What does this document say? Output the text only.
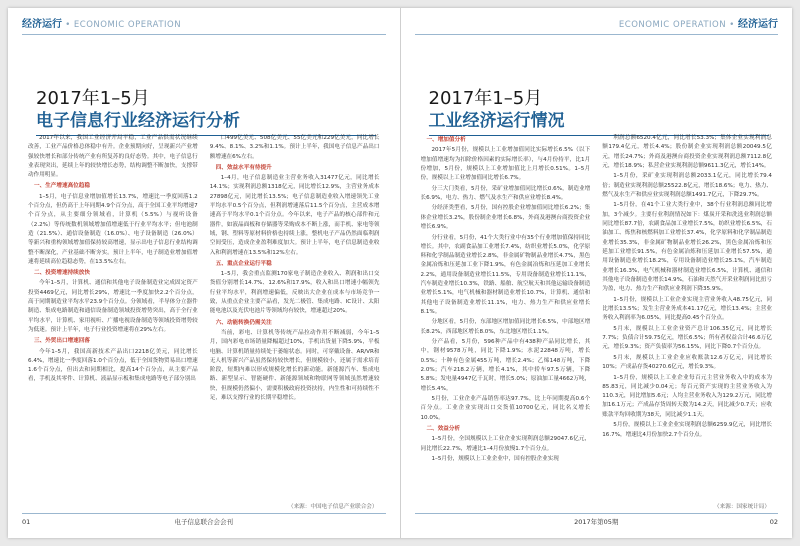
经济运行 • ECONOMIC OPERATION
2017年1–5月
电子信息行业经济运行分析

2017年以来，我国工业经济开局平稳，工业产品供需状况继续改善，工业产品价格总体稳中有升。企业预期向好，呈现新兴产业增强较快增长和部分传统产业有所复苏的良好态势。其中，电子信息行业表现突出，延续上年的较快增长态势，结构调整不断加快，支撑带动作用明显。

一、生产增速高位趋稳

1–5月，电子信息业增加值增长13.7%，增速比一季度回落1.2个百分点，但仍高于上年同期4.9个百分点，高于全国工业平均增速7个百分点，从主要细分领域看，计算机（5.5%）与视听设备（2.2%）等传统数机领域增加值增速低于行业平均水平；但电池制造（21.5%）、通信设备制造（16.0%）、电子设备制造（26.0%）等新兴和重构领域增加值保持较高增速，显示出电子信息行业结构调整不断深化，产业基础不断夯实。预计上半年，电子制造业增加值增速将延续高位趋稳态势，在13.5%左右。

二、投资增速持续放快

今年1–5月，计算机、通信和其他电子设备制造业完成固定资产投资4469亿元，同比增长29%，增速比一季度加快2.2个百分点，高于同期制造业平均水平23.9个百分点。分领域看，半导体分立器件制造、集成电路制造和通信设备制造领域投资增势突出，高于全行业平均水平，计算机、家用视听、广播电视设备制造等领域投资增势较为低迷。预计上半年，电子行业投资增速将在29%左右。

三、外贸出口增速回落

今年1–5月，我国高新技术产品出口2218亿美元，同比增长6.4%，增速比一季度回落1.0个百分点，低于全国货物贸易出口增速1.6个百分点，但出去和同期相比，提高14个百分点，从主要产品看，手机及其零件、计算机、液晶显示板和集成电路等电子部分别出

口499亿美元、508亿美元、55亿美元和229亿美元，同比增长9.4%、8.1%、3.2%和1.1%。预计上半年，我国电子信息产品出口额增速在6%左右。

四、效益水平有待提升

1–4月，电子信息制造业主营业务收入31477亿元，同比增长14.1%；实现利润总额1318亿元，同比增长12.9%，主营业务成本27898亿元，同比增长13.5%；电子信息制造业收入增速领先工业平均水平0.5个百分点，但利润增速落后11.5个百分点，主营成本增速高于平均水平0.1个百分点。今年以来，电子产品的核心部件和元器件，如液晶面板和存储器等采购成本不断上涨，而手机、家电等领域，钢、塑料等原材料价格也持续上涨，整机电子产品仍然面临利润空间受压，造成企业盈利难度加大。预计上半年，电子信息制造业收入和利润增速在13.5%和12%左右。

五、重点企业运行平稳

1–5月，我会重点监测170家电子制造企业收入、利润和出口交货值分别增长14.7%、12.6%和17.9%，收入和出口增速小幅领先行业平均水平，利润增速偏低，反映出大企业在成本与市场竞争一致，从重点企业主要产品看，发光二极管、集成电路、IC设计、太阳能电池以及光伏电池片等领域均有较快，增速超过20%。

六、动能转换仍需关注

当前，彩电、计算机等传统产品拉动作用不断减弱，今年1–5月，国内彩电市场销量降幅超过10%，手机出货量下降5.9%，平板电脑、计算机销量持续处于萎缩状态。同时，可穿戴设备、AR/VR和无人机等新兴产品虽然保持较快增长，但规模较小，还属于需求培育阶段，短期内难以形成规模化增长的新动能。新能源汽车、集成电路、新型显示、智能硬件、新能源领域和物联网等领域虽然增速较快，但规模仍然偏小，需要积极政府投资扶持，内生性和可持续性不足，难以支撑行业的长期平稳增长。

（来源：中国电子信息产业联合会）
01	电子信息联合会会刊
ECONOMIC OPERATION • 经济运行
2017年1–5月
工业经济运行情况

一、增加值分析

2017年5月份，规模以上工业增加值同比实际增长6.5%（以下增加值增速均为扣除价格因素的实际增长率），与4月份持平，比1月份增加，5月份，规模以上工业增加值比上月增长0.51%。1–5月份，规模以上工业增加值同比增长6.7%。

分三大门类看，5月份，采矿业增加值同比增长0.6%，制造业增长6.9%，电力、热力、燃气及水生产和供应业增长8.4%。

分经济类型看，5月份，国有控股企业增加值同比增长6.2%；集体企业增长3.2%，股份制企业增长6.8%，外商及港澳台商投资企业增长6.9%。

分行业看，5月份，41个大类行业中有35个行业增加值保持同比增长。其中，农副食品加工业增长7.4%，纺织业增长5.0%，化学原料和化学制品制造业增长2.8%，非金属矿物制品业增长4.7%，黑色金属冶炼和压延加工业下降1.9%，有色金属冶炼和压延加工业增长2.2%，通用设备制造业增长11.5%，专用设备制造业增长11.1%，汽车制造业增长10.3%，铁路、船舶、航空航天和其他运输设备制造业增长5.1%，电气机械和器材制造业增长10.7%，计算机、通信和其他电子设备制造业增长11.1%，电力、热力生产和供应业增长8.1%。

分地区看，5月份，东部地区增加值同比增长6.5%，中部地区增长8.2%，西部地区增长8.0%，东北地区增长1.1%。

分产品看，5月份，596种产品中有438种产品同比增长，其中，钢材9578万吨，同比下降1.9%；水泥22848万吨，增长0.5%；十种有色金属455万吨，增长2.4%；乙烯148万吨，下降2.0%；汽车218.2万辆，增长4.1%，其中轿车97.5万辆，下降5.8%；发电量4947亿千瓦时，增长5.0%；原油加工量4662万吨，增长5.4%。

5月份，工业企业产品销售率达97.7%，比上年同期提高0.6个百分点。工业企业实现出口交货值10700亿元，同比名义增长10.0%。

二、效益分析

1–5月份，全国规模以上工业企业实现利润总额29047.6亿元，同比增长22.7%，增速比1–4月份放慢1.7个百分点。

1–5月份，规模以上工业企业中，国有控股企业实现

利润总额6520.4亿元，同比增长53.3%；集体企业实现利润总额179.4亿元，增长4.4%；股份制企业实现利润总额20049.5亿元，增长24.7%；外商及港澳台商投资企业实现利润总额7112.8亿元，增长18.9%；私营企业实现利润总额9611.3亿元，增长14%。

1–5月份，采矿业实现利润总额2033.1亿元，同比增长79.4倍；制造业实现利润总额25522.8亿元，增长18.6%；电力、热力、燃气及水生产和供应业实现利润总额1491.7亿元，下降29.7%。

1–5月份，在41个工业大类行业中，38个行业利润总额同比增加，3个减少。主要行业利润情况如下：煤炭开采和洗选业利润总额同比增长87.7倍，农副食品加工业增长7.5%，纺织业增长6.5%，石油加工、炼焦和核燃料加工业增长37.4%，化学原料和化学制品制造业增长35.3%，非金属矿物制品业增长26.2%，黑色金属冶炼和压延加工业增长91.5%，有色金属冶炼和压延加工业增长57.5%，通用设备制造业增长18.2%，专用设备制造业增长25.1%，汽车制造业增长16.3%，电气机械和器材制造业增长6.5%，计算机、通信和其他电子设备制造业增长14.9%，石油和天然气开采业利润同比扭亏为盈，电力、热力生产和供应业利润下降35.9%。

1–5月份，规模以上工业企业实现主营业务收入48.75亿元，同比增长13.5%；发生主营业务成本41.17亿元，增长13.4%；主营业务收入利润率为6.05%，同比提高0.45个百分点。

5月末，规模以上工业企业资产总计106.35亿元，同比增长7.7%；负债合计59.75亿元，增长6.5%；所有者权益合计46.6万亿元，增长9.3%；资产负债率为56.15%，同比下降0.7个百分点。

5月末，规模以上工业企业应收账款12.6万亿元，同比增长10%；产成品存货40270.6亿元，增长9.3%。

1–5月份，规模以上工业企业每百元主营业务收入中的成本为85.83元，同比减少0.04元；每百元资产实现的主营业务收入为110.3元，同比增加5.6元；人均主营业务收入为129.2万元，同比增加16.1万元；产成品存货周转天数为14.2天，同比减少0.7天；应收账款平均回收期为38天，同比减少1.1天。

5月份，规模以上工业企业实现利润总额6259.9亿元，同比增长16.7%，增速比4月份加快2.7个百分点。

（来源：国家统计局）
2017年第05期	02
